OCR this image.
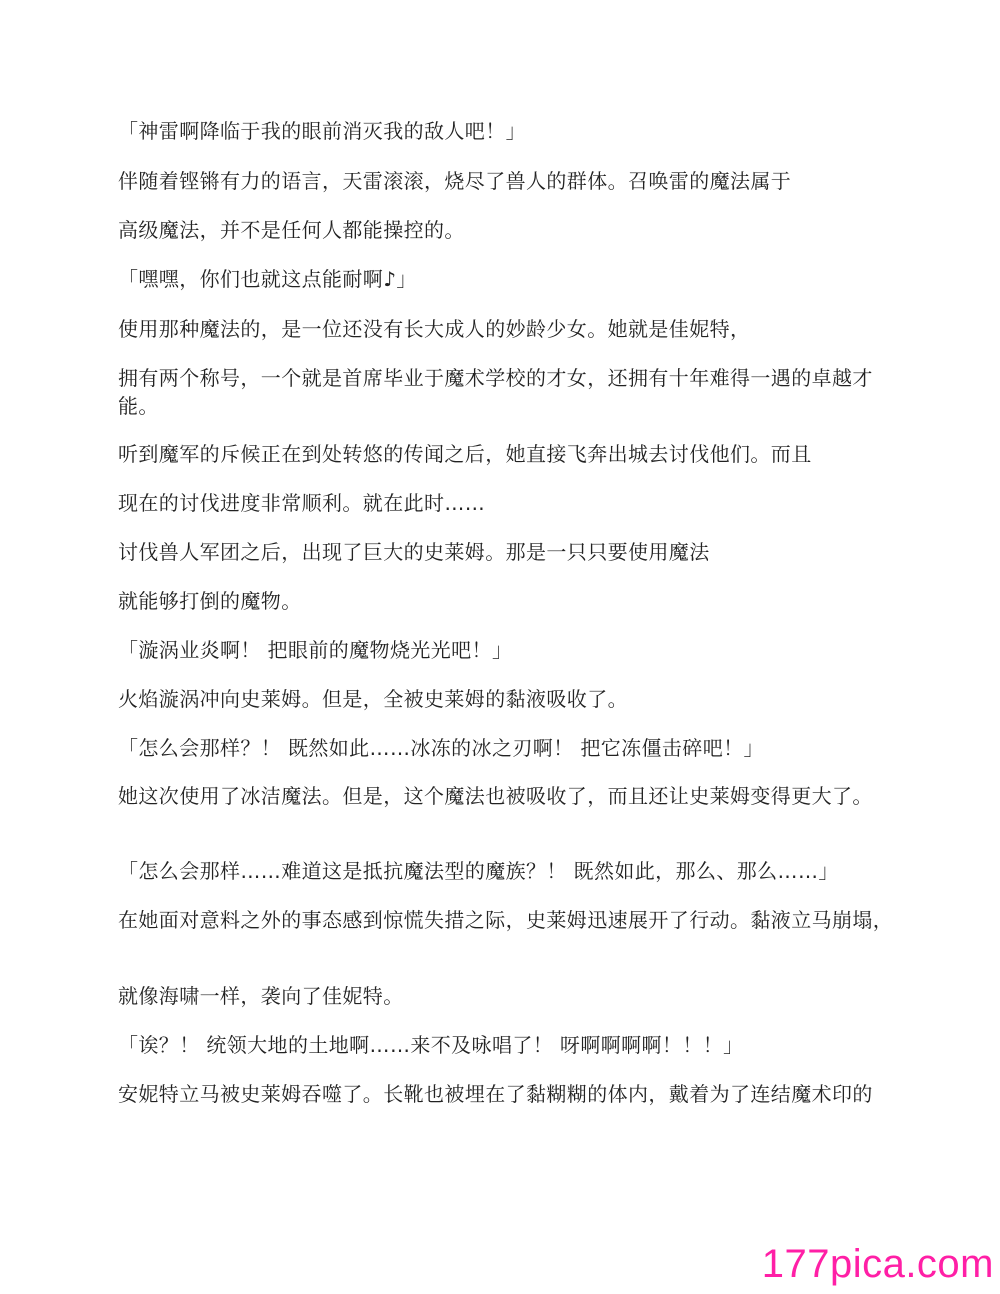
「神雷啊降临于我的眼前消灭我的敌人吧！」
伴随着铿锵有力的语言，天雷滚滚，烧尽了兽人的群体。召唤雷的魔法属于
高级魔法，并不是任何人都能操控的。
「嘿嘿，你们也就这点能耐啊♪」
使用那种魔法的，是一位还没有长大成人的妙龄少女。她就是佳妮特，
拥有两个称号，一个就是首席毕业于魔术学校的才女，还拥有十年难得一遇的卓越才能。
听到魔军的斥候正在到处转悠的传闻之后，她直接飞奔出城去讨伐他们。而且
现在的讨伐进度非常顺利。就在此时……
讨伐兽人军团之后，出现了巨大的史莱姆。那是一只只要使用魔法
就能够打倒的魔物。
「漩涡业炎啊！ 把眼前的魔物烧光光吧！」
火焰漩涡冲向史莱姆。但是，全被史莱姆的黏液吸收了。
「怎么会那样？！ 既然如此……冰冻的冰之刃啊！ 把它冻僵击碎吧！」
她这次使用了冰洁魔法。但是，这个魔法也被吸收了，而且还让史莱姆变得更大了。
「怎么会那样……难道这是抵抗魔法型的魔族？！ 既然如此，那么、那么……」
在她面对意料之外的事态感到惊慌失措之际，史莱姆迅速展开了行动。黏液立马崩塌，
就像海啸一样，袭向了佳妮特。
「诶？！ 统领大地的土地啊……来不及咏唱了！ 呀啊啊啊啊！！！」
安妮特立马被史莱姆吞噬了。长靴也被埋在了黏糊糊的体内，戴着为了连结魔术印的
177pica.com
